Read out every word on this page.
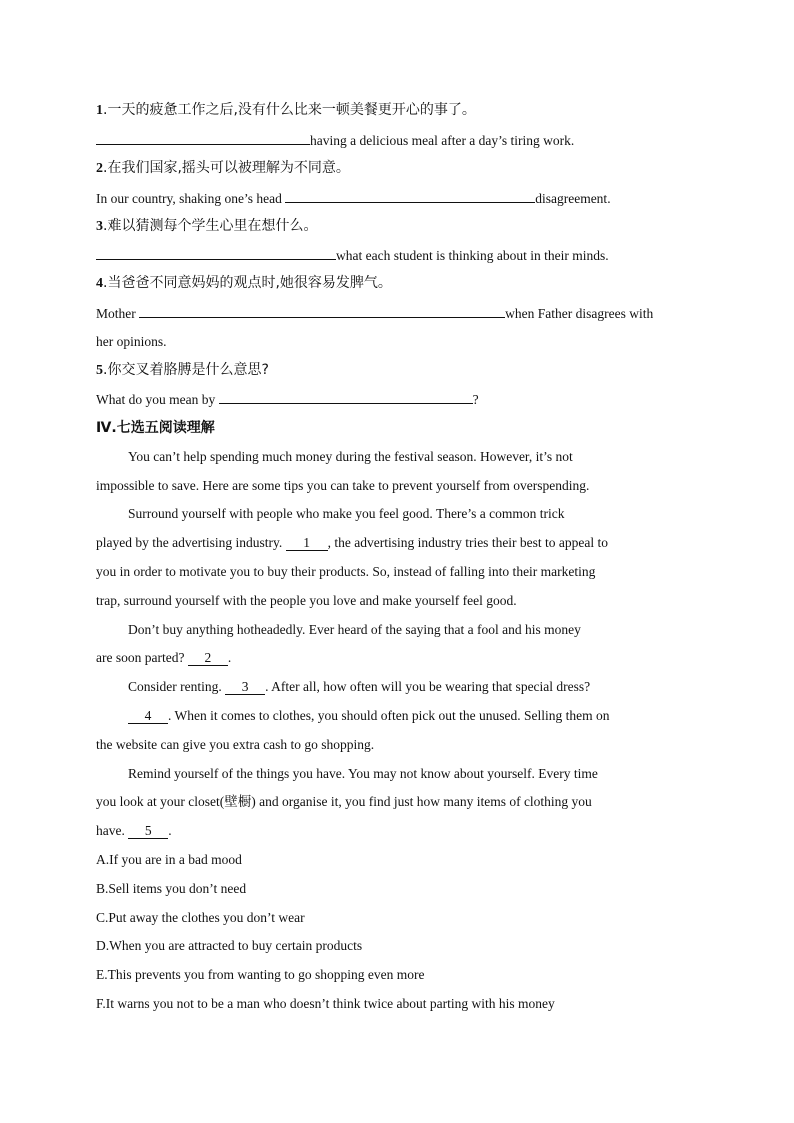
1.一天的疲惫工作之后,没有什么比来一顿美餐更开心的事了。
having a delicious meal after a day’s tiring work.
2.在我们国家,摇头可以被理解为不同意。
In our country, shaking one’s head	disagreement.
3.难以猜测每个学生心里在想什么。
what each student is thinking about in their minds.
4.当爸爸不同意妈妈的观点时,她很容易发脾气。
Mother	when Father disagrees with
her opinions.
5.你交叉着胳膊是什么意思?
What do you mean by	?
Ⅳ.七选五阅读理解
You can’t help spending much money during the festival season. However, it’s not
impossible to save. Here are some tips you can take to prevent yourself from overspending.
Surround yourself with people who make you feel good. There’s a common trick
played by the advertising industry. 1 , the advertising industry tries their best to appeal to
you in order to motivate you to buy their products. So, instead of falling into their marketing
trap, surround yourself with the people you love and make yourself feel good.
Don’t buy anything hotheadedly. Ever heard of the saying that a fool and his money
are soon parted? 2 .
Consider renting. 3 . After all, how often will you be wearing that special dress?
4 . When it comes to clothes, you should often pick out the unused. Selling them on
the website can give you extra cash to go shopping.
Remind yourself of the things you have. You may not know about yourself. Every time
you look at your closet(壁橱) and organise it, you find just how many items of clothing you
have. 5 .
A.If you are in a bad mood
B.Sell items you don’t need
C.Put away the clothes you don’t wear
D.When you are attracted to buy certain products
E.This prevents you from wanting to go shopping even more
F.It warns you not to be a man who doesn’t think twice about parting with his money
